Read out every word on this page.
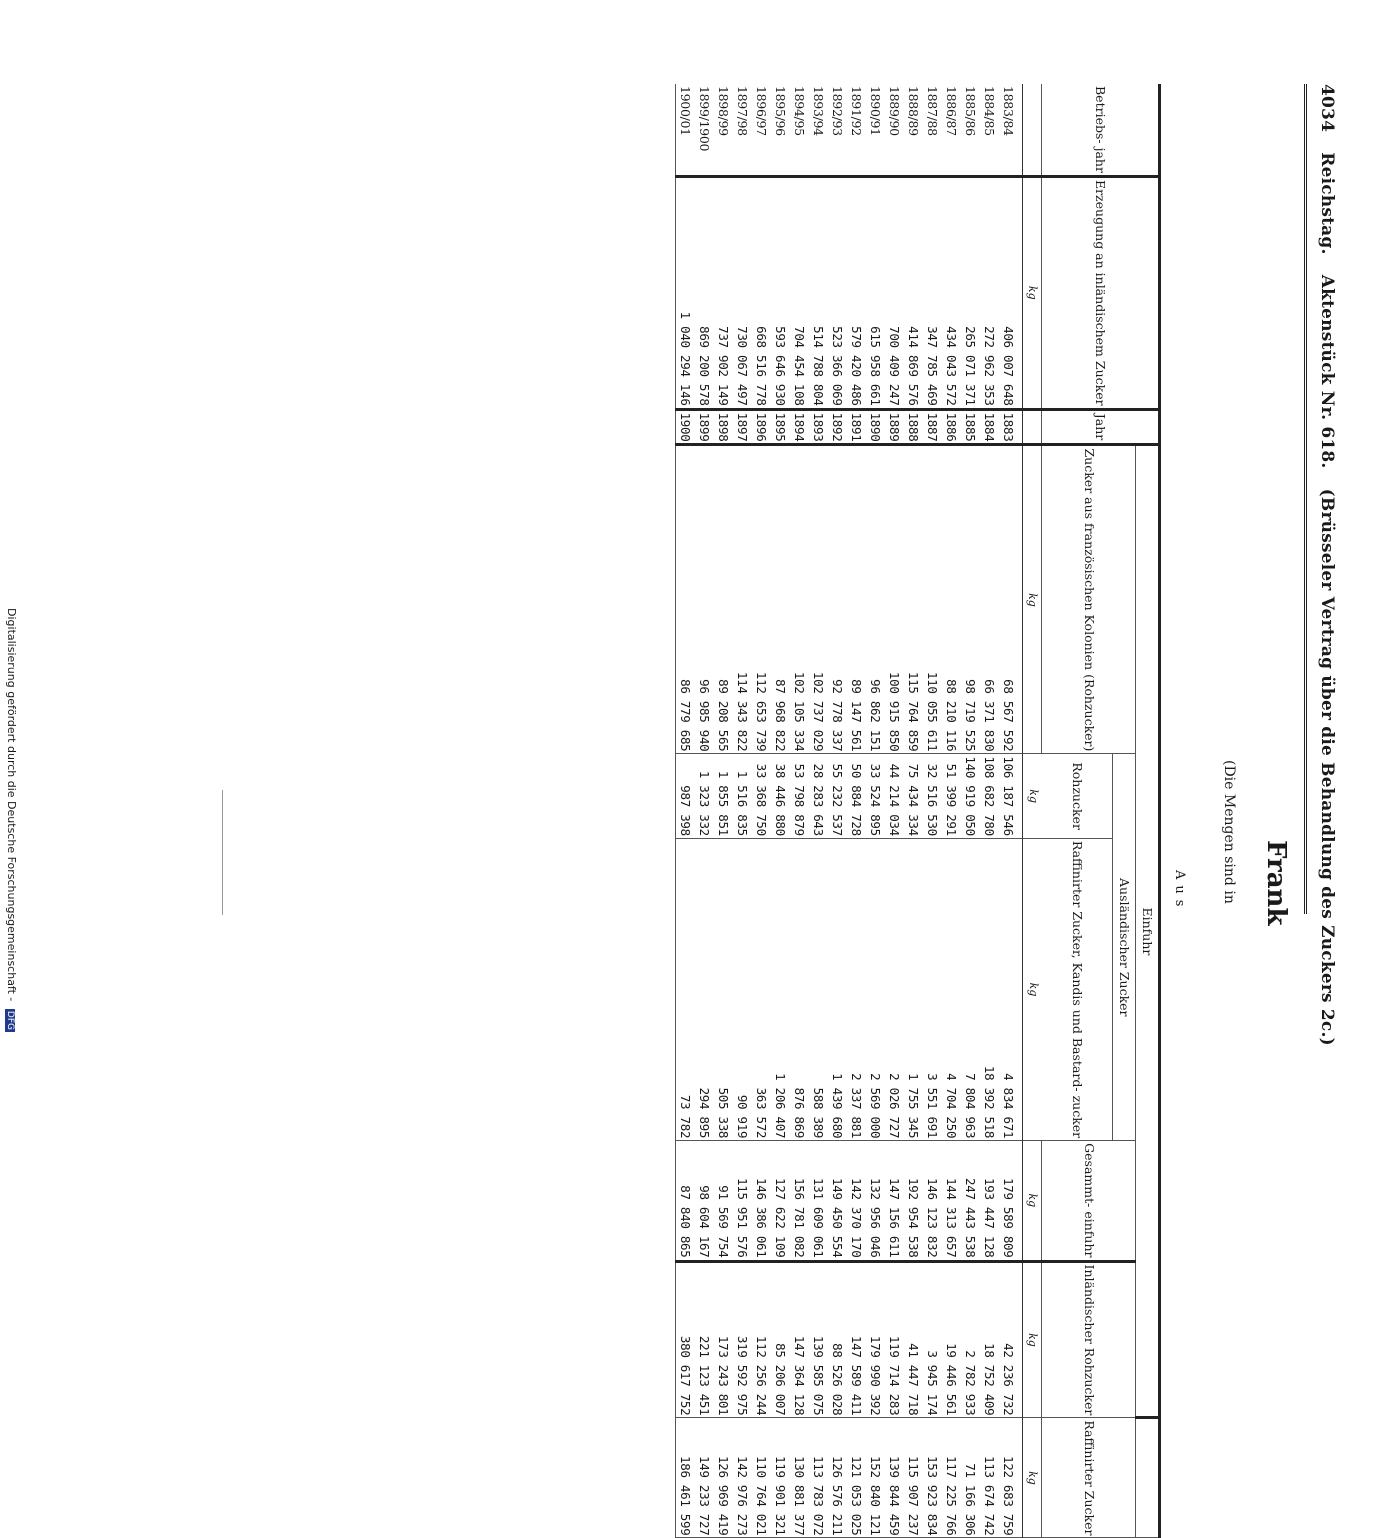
4034 Reichstag. Aktenstück Nr. 618. (Brüsseler Vertrag über die Behandlung des Zuckers 2c.)
Frank
(Die Mengen sind in
Aus
Betriebs- jahr	Erzeugung an inländischem Zucker	Jahr	Einfuhr					
			Zucker aus französischen Kolonien (Rohzucker)	Ausländischer Zucker		Gesammt- einfuhr	Inländischer Rohzucker	Raffinirter Zucker
				Rohzucker	Raffinirter Zucker, Kandis und Bastard- zucker			
	kg		kg	kg	kg	kg	kg	kg
1883/84	406 007 648	1883	68 567 592	106 187 546	4 834 671	179 589 809	42 236 732	122 683 759
1884/85	272 962 353	1884	66 371 830	108 682 780	18 392 518	193 447 128	18 752 409	113 674 742
1885/86	265 071 371	1885	98 719 525	140 919 050	7 804 963	247 443 538	2 782 933	71 166 306
1886/87	434 043 572	1886	88 210 116	51 399 291	4 704 250	144 313 657	19 446 561	117 225 766
1887/88	347 785 469	1887	110 055 611	32 516 530	3 551 691	146 123 832	3 945 174	153 923 834
1888/89	414 869 576	1888	115 764 859	75 434 334	1 755 345	192 954 538	41 447 718	115 907 237
1889/90	700 409 247	1889	100 915 850	44 214 034	2 026 727	147 156 611	119 714 283	139 844 459
1890/91	615 958 661	1890	96 862 151	33 524 895	2 569 000	132 956 046	179 990 392	152 840 121
1891/92	579 420 486	1891	89 147 561	50 884 728	2 337 881	142 370 170	147 589 411	121 053 025
1892/93	523 366 069	1892	92 778 337	55 232 537	1 439 680	149 450 554	88 526 028	126 576 211
1893/94	514 788 804	1893	102 737 029	28 283 643	588 389	131 609 061	139 585 075	113 783 072
1894/95	704 454 108	1894	102 105 334	53 798 879	876 869	156 781 082	147 364 128	130 881 377
1895/96	593 646 930	1895	87 968 822	38 446 880	1 206 407	127 622 109	85 206 007	119 901 321
1896/97	668 516 778	1896	112 653 739	33 368 750	363 572	146 386 061	112 256 244	110 764 021
1897/98	730 067 497	1897	114 343 822	1 516 835	90 919	115 951 576	319 592 975	142 976 273
1898/99	737 902 149	1898	89 208 565	1 855 851	505 338	91 569 754	173 243 801	126 969 419
1899/1900	869 200 578	1899	96 985 940	1 323 332	294 895	98 604 167	221 123 451	149 233 727
1900/01	1 040 294 146	1900	86 779 685	987 398	73 782	87 840 865	380 617 752	186 461 599
Digitalisierung gefördert durch die Deutsche Forschungsgemeinschaft - DFG
